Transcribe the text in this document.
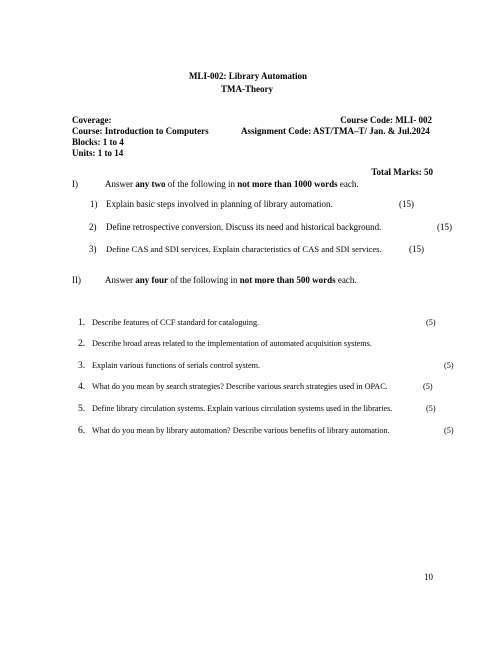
MLI-002: Library Automation
TMA-Theory
Coverage:
Course: Introduction to Computers
Blocks: 1 to 4
Units: 1 to 14
Course Code: MLI- 002
Assignment Code: AST/TMA–T/ Jan. & Jul.2024
Total Marks: 50
I)	Answer any two of the following in not more than 1000 words each.
1) Explain basic steps involved in planning of library automation.	(15)
2) Define retrospective conversion. Discuss its need and historical background.	(15)
3) Define CAS and SDI services. Explain characteristics of CAS and SDI services.	(15)
II)	Answer any four of the following in not more than 500 words each.
1. Describe features of CCF standard for cataloguing.	(5)
2. Describe broad areas related to the implementation of automated acquisition systems.
3. Explain various functions of serials control system.	(5)
4. What do you mean by search strategies? Describe various search strategies used in OPAC.	(5)
5. Define library circulation systems. Explain various circulation systems used in the libraries.	(5)
6. What do you mean by library automation? Describe various benefits of library automation.	(5)
10
